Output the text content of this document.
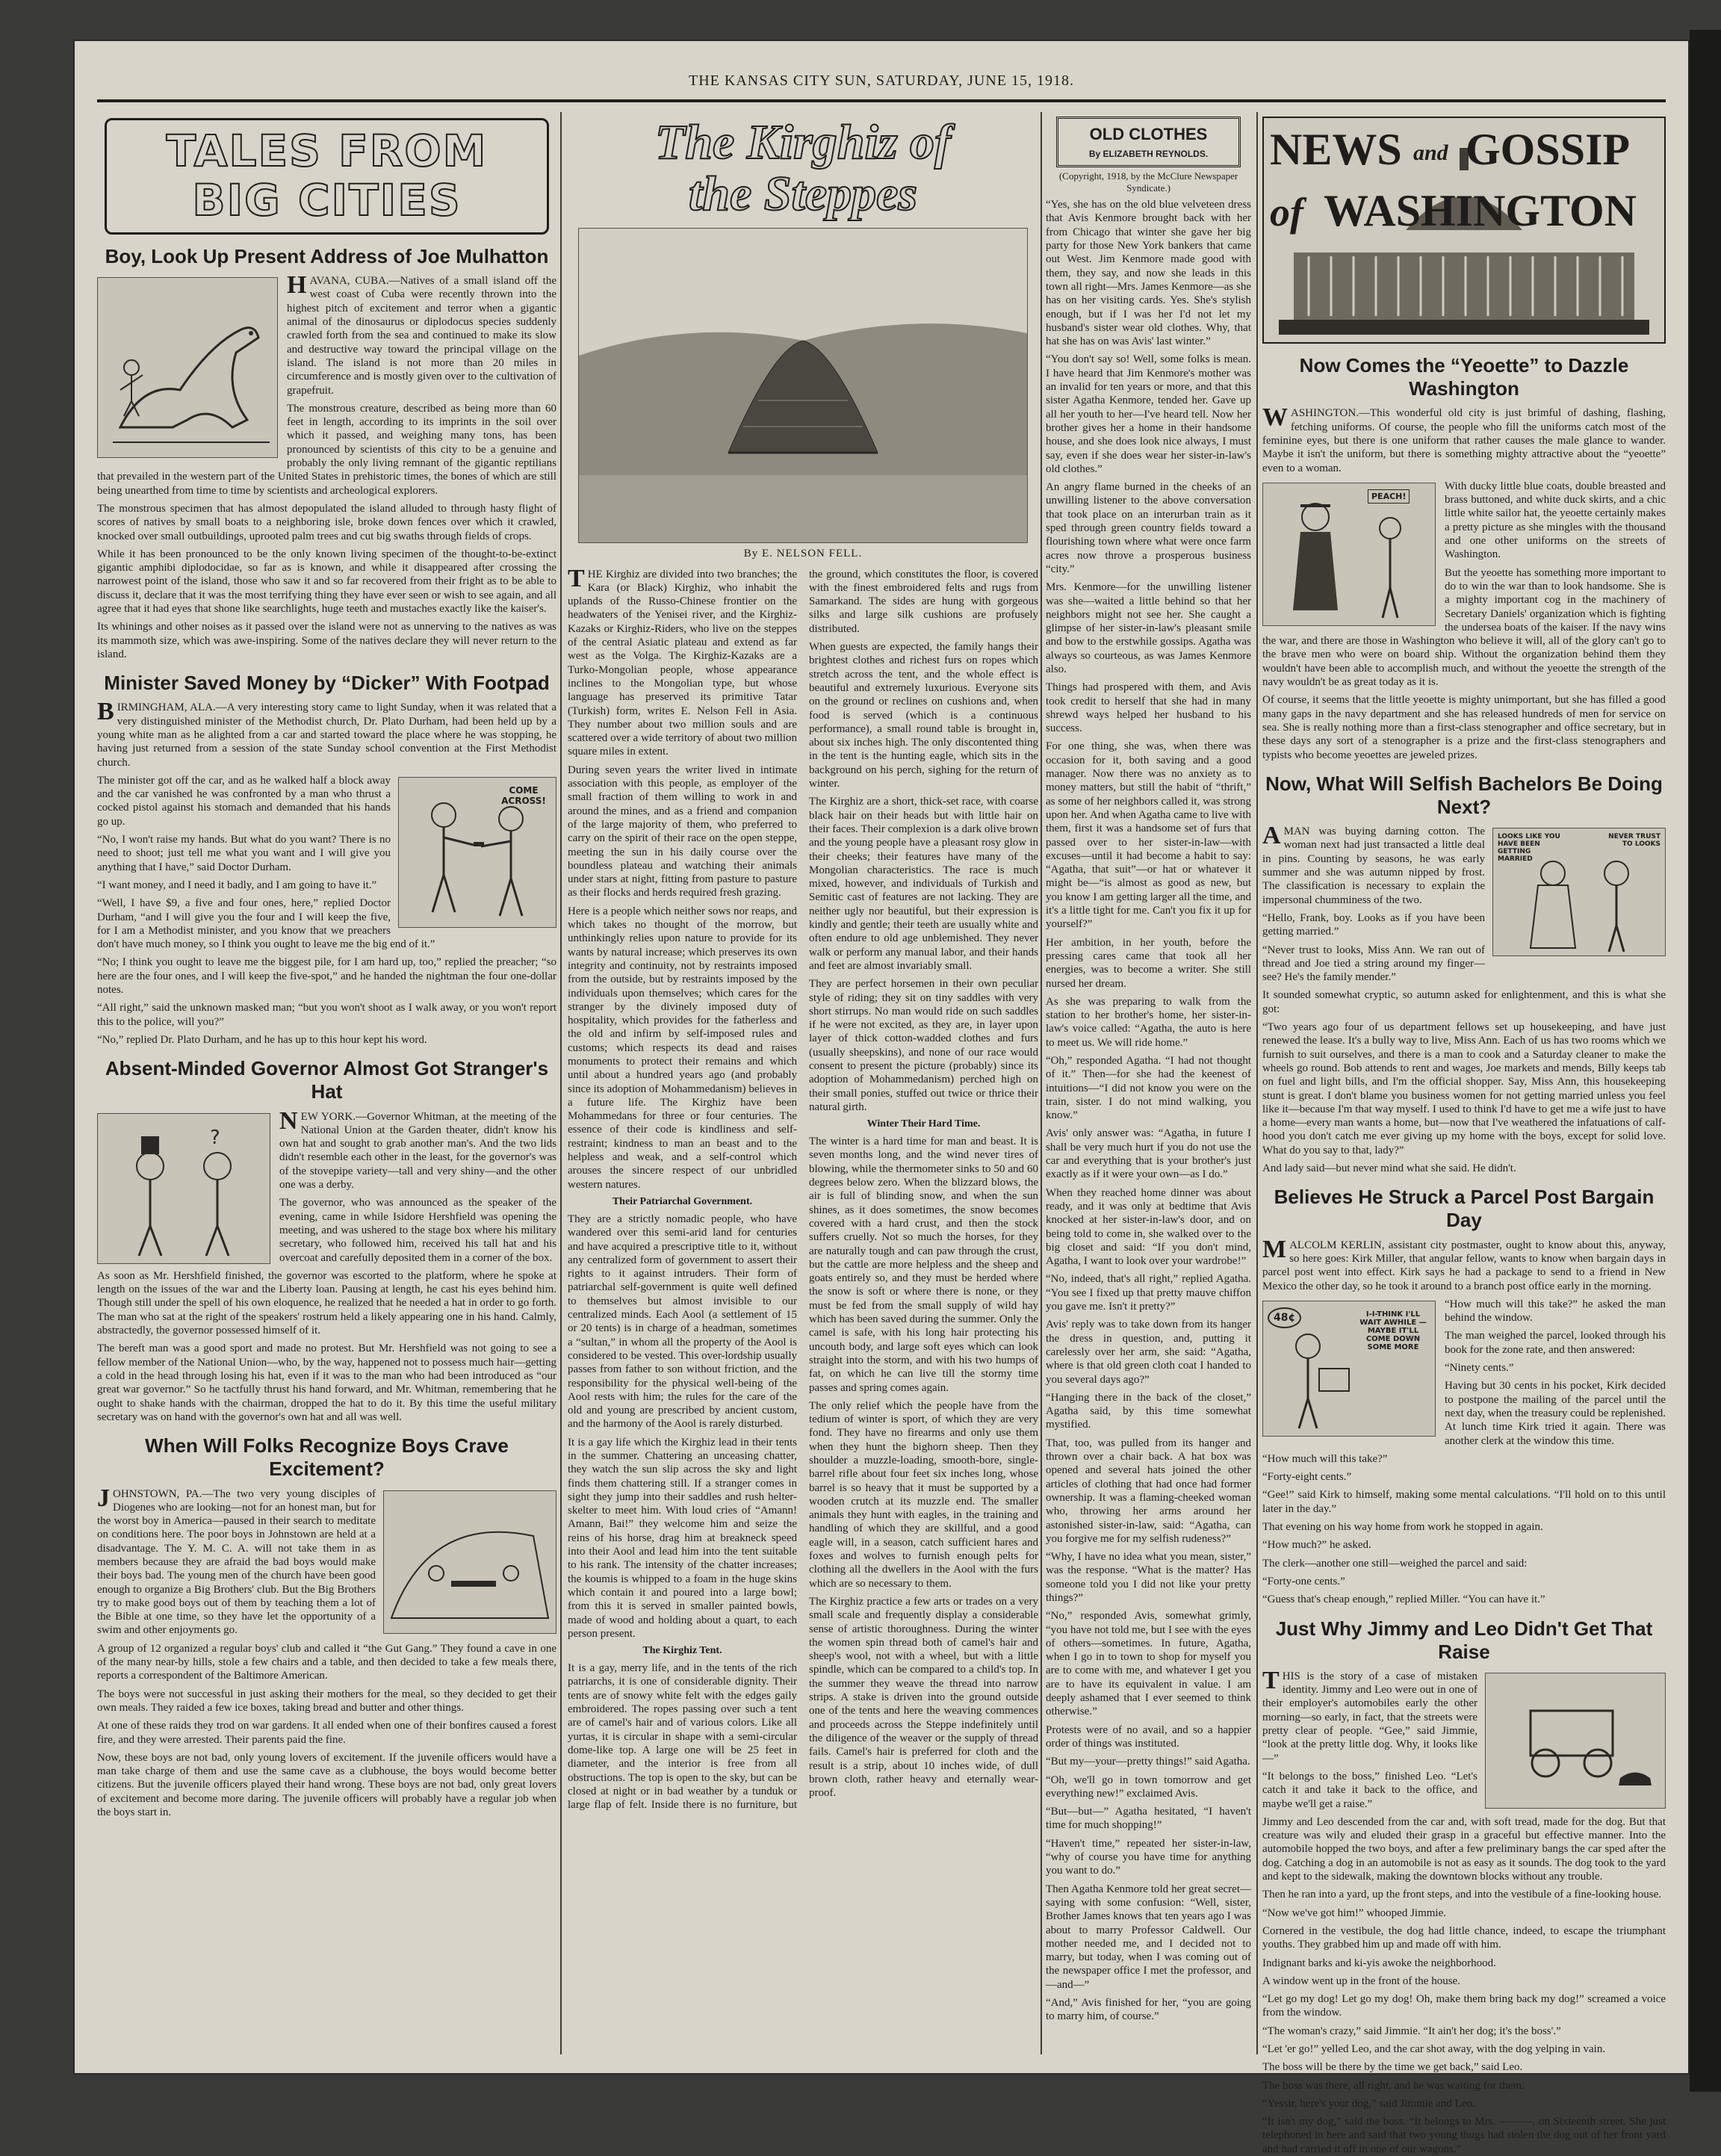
THE KANSAS CITY SUN, SATURDAY, JUNE 15, 1918.
TALES FROM
BIG CITIES
Boy, Look Up Present Address of Joe Mulhatton

HAVANA, CUBA.—Natives of a small island off the west coast of Cuba were recently thrown into the highest pitch of excitement and terror when a gigantic animal of the dinosaurus or diplodocus species suddenly crawled forth from the sea and continued to make its slow and destructive way toward the principal village on the island. The island is not more than 20 miles in circumference and is mostly given over to the cultivation of grapefruit.

The monstrous creature, described as being more than 60 feet in length, according to its imprints in the soil over which it passed, and weighing many tons, has been pronounced by scientists of this city to be a genuine and probably the only living remnant of the gigantic reptilians that prevailed in the western part of the United States in prehistoric times, the bones of which are still being unearthed from time to time by scientists and archeological explorers.

The monstrous specimen that has almost depopulated the island alluded to through hasty flight of scores of natives by small boats to a neighboring isle, broke down fences over which it crawled, knocked over small outbuildings, uprooted palm trees and cut big swaths through fields of crops.

While it has been pronounced to be the only known living specimen of the thought-to-be-extinct gigantic amphibi diplodocidae, so far as is known, and while it disappeared after crossing the narrowest point of the island, those who saw it and so far recovered from their fright as to be able to discuss it, declare that it was the most terrifying thing they have ever seen or wish to see again, and all agree that it had eyes that shone like searchlights, huge teeth and mustaches exactly like the kaiser's.

Its whinings and other noises as it passed over the island were not as unnerving to the natives as was its mammoth size, which was awe-inspiring. Some of the natives declare they will never return to the island.

Minister Saved Money by “Dicker” With Footpad

BIRMINGHAM, ALA.—A very interesting story came to light Sunday, when it was related that a very distinguished minister of the Methodist church, Dr. Plato Durham, had been held up by a young white man as he alighted from a car and started toward the place where he was stopping, he having just returned from a session of the state Sunday school convention at the First Methodist church.

COME ACROSS!

The minister got off the car, and as he walked half a block away and the car vanished he was confronted by a man who thrust a cocked pistol against his stomach and demanded that his hands go up.

“No, I won't raise my hands. But what do you want? There is no need to shoot; just tell me what you want and I will give you anything that I have,” said Doctor Durham.

“I want money, and I need it badly, and I am going to have it.”

“Well, I have $9, a five and four ones, here,” replied Doctor Durham, “and I will give you the four and I will keep the five, for I am a Methodist minister, and you know that we preachers don't have much money, so I think you ought to leave me the big end of it.”

“No; I think you ought to leave me the biggest pile, for I am hard up, too,” replied the preacher; “so here are the four ones, and I will keep the five-spot,” and he handed the nightman the four one-dollar notes.

“All right,” said the unknown masked man; “but you won't shoot as I walk away, or you won't report this to the police, will you?”

“No,” replied Dr. Plato Durham, and he has up to this hour kept his word.

Absent-Minded Governor Almost Got Stranger's Hat
?

NEW YORK.—Governor Whitman, at the meeting of the National Union at the Garden theater, didn't know his own hat and sought to grab another man's. And the two lids didn't resemble each other in the least, for the governor's was of the stovepipe variety—tall and very shiny—and the other one was a derby.

The governor, who was announced as the speaker of the evening, came in while Isidore Hershfield was opening the meeting, and was ushered to the stage box where his military secretary, who followed him, received his tall hat and his overcoat and carefully deposited them in a corner of the box.

As soon as Mr. Hershfield finished, the governor was escorted to the platform, where he spoke at length on the issues of the war and the Liberty loan. Pausing at length, he cast his eyes behind him. Though still under the spell of his own eloquence, he realized that he needed a hat in order to go forth. The man who sat at the right of the speakers' rostrum held a likely appearing one in his hand. Calmly, abstractedly, the governor possessed himself of it.

The bereft man was a good sport and made no protest. But Mr. Hershfield was not going to see a fellow member of the National Union—who, by the way, happened not to possess much hair—getting a cold in the head through losing his hat, even if it was to the man who had been introduced as “our great war governor.” So he tactfully thrust his hand forward, and Mr. Whitman, remembering that he ought to shake hands with the chairman, dropped the hat to do it. By this time the useful military secretary was on hand with the governor's own hat and all was well.

When Will Folks Recognize Boys Crave Excitement?

JOHNSTOWN, PA.—The two very young disciples of Diogenes who are looking—not for an honest man, but for the worst boy in America—paused in their search to meditate on conditions here. The poor boys in Johnstown are held at a disadvantage. The Y. M. C. A. will not take them in as members because they are afraid the bad boys would make their boys bad. The young men of the church have been good enough to organize a Big Brothers' club. But the Big Brothers try to make good boys out of them by teaching them a lot of the Bible at one time, so they have let the opportunity of a swim and other enjoyments go.

A group of 12 organized a regular boys' club and called it “the Gut Gang.” They found a cave in one of the many near-by hills, stole a few chairs and a table, and then decided to take a few meals there, reports a correspondent of the Baltimore American.

The boys were not successful in just asking their mothers for the meal, so they decided to get their own meals. They raided a few ice boxes, taking bread and butter and other things.

At one of these raids they trod on war gardens. It all ended when one of their bonfires caused a forest fire, and they were arrested. Their parents paid the fine.

Now, these boys are not bad, only young lovers of excitement. If the juvenile officers would have a man take charge of them and use the same cave as a clubhouse, the boys would become better citizens. But the juvenile officers played their hand wrong. These boys are not bad, only great lovers of excitement and become more daring. The juvenile officers will probably have a regular job when the boys start in.

The Kirghiz of
the Steppes
By E. NELSON FELL.

THE Kirghiz are divided into two branches; the Kara (or Black) Kirghiz, who inhabit the uplands of the Russo-Chinese frontier on the headwaters of the Yenisei river, and the Kirghiz-Kazaks or Kirghiz-Riders, who live on the steppes of the central Asiatic plateau and extend as far west as the Volga. The Kirghiz-Kazaks are a Turko-Mongolian people, whose appearance inclines to the Mongolian type, but whose language has preserved its primitive Tatar (Turkish) form, writes E. Nelson Fell in Asia. They number about two million souls and are scattered over a wide territory of about two million square miles in extent.

During seven years the writer lived in intimate association with this people, as employer of the small fraction of them willing to work in and around the mines, and as a friend and companion of the large majority of them, who preferred to carry on the spirit of their race on the open steppe, meeting the sun in his daily course over the boundless plateau and watching their animals under stars at night, fitting from pasture to pasture as their flocks and herds required fresh grazing.

Here is a people which neither sows nor reaps, and which takes no thought of the morrow, but unthinkingly relies upon nature to provide for its wants by natural increase; which preserves its own integrity and continuity, not by restraints imposed from the outside, but by restraints imposed by the individuals upon themselves; which cares for the stranger by the divinely imposed duty of hospitality, which provides for the fatherless and the old and infirm by self-imposed rules and customs; which respects its dead and raises monuments to protect their remains and which until about a hundred years ago (and probably since its adoption of Mohammedanism) believes in a future life. The Kirghiz have been Mohammedans for three or four centuries. The essence of their code is kindliness and self-restraint; kindness to man an beast and to the helpless and weak, and a self-control which arouses the sincere respect of our unbridled western natures.

Their Patriarchal Government.

They are a strictly nomadic people, who have wandered over this semi-arid land for centuries and have acquired a prescriptive title to it, without any centralized form of government to assert their rights to it against intruders. Their form of patriarchal self-government is quite well defined to themselves but almost invisible to our centralized minds. Each Aool (a settlement of 15 or 20 tents) is in charge of a headman, sometimes a “sultan,” in whom all the property of the Aool is considered to be vested. This over-lordship usually passes from father to son without friction, and the responsibility for the physical well-being of the Aool rests with him; the rules for the care of the old and young are prescribed by ancient custom, and the harmony of the Aool is rarely disturbed.

It is a gay life which the Kirghiz lead in their tents in the summer. Chattering an unceasing chatter, they watch the sun slip across the sky and light finds them chattering still. If a stranger comes in sight they jump into their saddles and rush helter-skelter to meet him. With loud cries of “Amann! Amann, Bai!” they welcome him and seize the reins of his horse, drag him at breakneck speed into their Aool and lead him into the tent suitable to his rank. The intensity of the chatter increases; the koumis is whipped to a foam in the huge skins which contain it and poured into a large bowl; from this it is served in smaller painted bowls, made of wood and holding about a quart, to each person present.

The Kirghiz Tent.

It is a gay, merry life, and in the tents of the rich patriarchs, it is one of considerable dignity. Their tents are of snowy white felt with the edges gaily embroidered. The ropes passing over such a tent are of camel's hair and of various colors. Like all yurtas, it is circular in shape with a semi-circular dome-like top. A large one will be 25 feet in diameter, and the interior is free from all obstructions. The top is open to the sky, but can be closed at night or in bad weather by a tunduk or large flap of felt. Inside there is no furniture, but the ground, which constitutes the floor, is covered with the finest embroidered felts and rugs from Samarkand. The sides are hung with gorgeous silks and large silk cushions are profusely distributed.

When guests are expected, the family hangs their brightest clothes and richest furs on ropes which stretch across the tent, and the whole effect is beautiful and extremely luxurious. Everyone sits on the ground or reclines on cushions and, when food is served (which is a continuous performance), a small round table is brought in, about six inches high. The only discontented thing in the tent is the hunting eagle, which sits in the background on his perch, sighing for the return of winter.

The Kirghiz are a short, thick-set race, with coarse black hair on their heads but with little hair on their faces. Their complexion is a dark olive brown and the young people have a pleasant rosy glow in their cheeks; their features have many of the Mongolian characteristics. The race is much mixed, however, and individuals of Turkish and Semitic cast of features are not lacking. They are neither ugly nor beautiful, but their expression is kindly and gentle; their teeth are usually white and often endure to old age unblemished. They never walk or perform any manual labor, and their hands and feet are almost invariably small.

They are perfect horsemen in their own peculiar style of riding; they sit on tiny saddles with very short stirrups. No man would ride on such saddles if he were not excited, as they are, in layer upon layer of thick cotton-wadded clothes and furs (usually sheepskins), and none of our race would consent to present the picture (probably) since its adoption of Mohammedanism) perched high on their small ponies, stuffed out twice or thrice their natural girth.

Winter Their Hard Time.

The winter is a hard time for man and beast. It is seven months long, and the wind never tires of blowing, while the thermometer sinks to 50 and 60 degrees below zero. When the blizzard blows, the air is full of blinding snow, and when the sun shines, as it does sometimes, the snow becomes covered with a hard crust, and then the stock suffers cruelly. Not so much the horses, for they are naturally tough and can paw through the crust, but the cattle are more helpless and the sheep and goats entirely so, and they must be herded where the snow is soft or where there is none, or they must be fed from the small supply of wild hay which has been saved during the summer. Only the camel is safe, with his long hair protecting his uncouth body, and large soft eyes which can look straight into the storm, and with his two humps of fat, on which he can live till the stormy time passes and spring comes again.

The only relief which the people have from the tedium of winter is sport, of which they are very fond. They have no firearms and only use them when they hunt the bighorn sheep. Then they shoulder a muzzle-loading, smooth-bore, single-barrel rifle about four feet six inches long, whose barrel is so heavy that it must be supported by a wooden crutch at its muzzle end. The smaller animals they hunt with eagles, in the training and handling of which they are skillful, and a good eagle will, in a season, catch sufficient hares and foxes and wolves to furnish enough pelts for clothing all the dwellers in the Aool with the furs which are so necessary to them.

The Kirghiz practice a few arts or trades on a very small scale and frequently display a considerable sense of artistic thoroughness. During the winter the women spin thread both of camel's hair and sheep's wool, not with a wheel, but with a little spindle, which can be compared to a child's top. In the summer they weave the thread into narrow strips. A stake is driven into the ground outside one of the tents and here the weaving commences and proceeds across the Steppe indefinitely until the diligence of the weaver or the supply of thread fails. Camel's hair is preferred for cloth and the result is a strip, about 10 inches wide, of dull brown cloth, rather heavy and eternally wear-proof.

OLD CLOTHES
By ELIZABETH REYNOLDS.
(Copyright, 1918, by the McClure Newspaper Syndicate.)

“Yes, she has on the old blue velveteen dress that Avis Kenmore brought back with her from Chicago that winter she gave her big party for those New York bankers that came out West. Jim Kenmore made good with them, they say, and now she leads in this town all right—Mrs. James Kenmore—as she has on her visiting cards. Yes. She's stylish enough, but if I was her I'd not let my husband's sister wear old clothes. Why, that hat she has on was Avis' last winter.”

“You don't say so! Well, some folks is mean. I have heard that Jim Kenmore's mother was an invalid for ten years or more, and that this sister Agatha Kenmore, tended her. Gave up all her youth to her—I've heard tell. Now her brother gives her a home in their handsome house, and she does look nice always, I must say, even if she does wear her sister-in-law's old clothes.”

An angry flame burned in the cheeks of an unwilling listener to the above conversation that took place on an interurban train as it sped through green country fields toward a flourishing town where what were once farm acres now throve a prosperous business “city.”

Mrs. Kenmore—for the unwilling listener was she—waited a little behind so that her neighbors might not see her. She caught a glimpse of her sister-in-law's pleasant smile and bow to the erstwhile gossips. Agatha was always so courteous, as was James Kenmore also.

Things had prospered with them, and Avis took credit to herself that she had in many shrewd ways helped her husband to his success.

For one thing, she was, when there was occasion for it, both saving and a good manager. Now there was no anxiety as to money matters, but still the habit of “thrift,” as some of her neighbors called it, was strong upon her. And when Agatha came to live with them, first it was a handsome set of furs that passed over to her sister-in-law—with excuses—until it had become a habit to say: “Agatha, that suit”—or hat or whatever it might be—“is almost as good as new, but you know I am getting larger all the time, and it's a little tight for me. Can't you fix it up for yourself?”

Her ambition, in her youth, before the pressing cares came that took all her energies, was to become a writer. She still nursed her dream.

As she was preparing to walk from the station to her brother's home, her sister-in-law's voice called: “Agatha, the auto is here to meet us. We will ride home.”

“Oh,” responded Agatha. “I had not thought of it.” Then—for she had the keenest of intuitions—“I did not know you were on the train, sister. I do not mind walking, you know.”

Avis' only answer was: “Agatha, in future I shall be very much hurt if you do not use the car and everything that is your brother's just exactly as if it were your own—as I do.”

When they reached home dinner was about ready, and it was only at bedtime that Avis knocked at her sister-in-law's door, and on being told to come in, she walked over to the big closet and said: “If you don't mind, Agatha, I want to look over your wardrobe!”

“No, indeed, that's all right,” replied Agatha. “You see I fixed up that pretty mauve chiffon you gave me. Isn't it pretty?”

Avis' reply was to take down from its hanger the dress in question, and, putting it carelessly over her arm, she said: “Agatha, where is that old green cloth coat I handed to you several days ago?”

“Hanging there in the back of the closet,” Agatha said, by this time somewhat mystified.

That, too, was pulled from its hanger and thrown over a chair back. A hat box was opened and several hats joined the other articles of clothing that had once had former ownership. It was a flaming-cheeked woman who, throwing her arms around her astonished sister-in-law, said: “Agatha, can you forgive me for my selfish rudeness?”

“Why, I have no idea what you mean, sister,” was the response. “What is the matter? Has someone told you I did not like your pretty things?”

“No,” responded Avis, somewhat grimly, “you have not told me, but I see with the eyes of others—sometimes. In future, Agatha, when I go in to town to shop for myself you are to come with me, and whatever I get you are to have its equivalent in value. I am deeply ashamed that I ever seemed to think otherwise.”

Protests were of no avail, and so a happier order of things was instituted.

“But my—your—pretty things!” said Agatha.

“Oh, we'll go in town tomorrow and get everything new!” exclaimed Avis.

“But—but—” Agatha hesitated, “I haven't time for much shopping!”

“Haven't time,” repeated her sister-in-law, “why of course you have time for anything you want to do.”

Then Agatha Kenmore told her great secret—saying with some confusion: “Well, sister, Brother James knows that ten years ago I was about to marry Professor Caldwell. Our mother needed me, and I decided not to marry, but today, when I was coming out of the newspaper office I met the professor, and—and—”

“And,” Avis finished for her, “you are going to marry him, of course.”

NEWS and GOSSIP
of WASHINGTON
Now Comes the “Yeoette” to Dazzle Washington

WASHINGTON.—This wonderful old city is just brimful of dashing, flashing, fetching uniforms. Of course, the people who fill the uniforms catch most of the feminine eyes, but there is one uniform that rather causes the male glance to wander. Maybe it isn't the uniform, but there is something mighty attractive about the “yeoette” even to a woman.

PEACH!

With ducky little blue coats, double breasted and brass buttoned, and white duck skirts, and a chic little white sailor hat, the yeoette certainly makes a pretty picture as she mingles with the thousand and one other uniforms on the streets of Washington.

But the yeoette has something more important to do to win the war than to look handsome. She is a mighty important cog in the machinery of Secretary Daniels' organization which is fighting the undersea boats of the kaiser. If the navy wins the war, and there are those in Washington who believe it will, all of the glory can't go to the brave men who were on board ship. Without the organization behind them they wouldn't have been able to accomplish much, and without the yeoette the strength of the navy wouldn't be as great today as it is.

Of course, it seems that the little yeoette is mighty unimportant, but she has filled a good many gaps in the navy department and she has released hundreds of men for service on sea. She is really nothing more than a first-class stenographer and office secretary, but in these days any sort of a stenographer is a prize and the first-class stenographers and typists who become yeoettes are jeweled prizes.

Now, What Will Selfish Bachelors Be Doing Next?
LOOKS LIKE YOU HAVE BEEN GETTING MARRIED
NEVER TRUST TO LOOKS

AMAN was buying darning cotton. The woman next had just transacted a little deal in pins. Counting by seasons, he was early summer and she was autumn nipped by frost. The classification is necessary to explain the impersonal chumminess of the two.

“Hello, Frank, boy. Looks as if you have been getting married.”

“Never trust to looks, Miss Ann. We ran out of thread and Joe tied a string around my finger—see? He's the family mender.”

It sounded somewhat cryptic, so autumn asked for enlightenment, and this is what she got:

“Two years ago four of us department fellows set up housekeeping, and have just renewed the lease. It's a bully way to live, Miss Ann. Each of us has two rooms which we furnish to suit ourselves, and there is a man to cook and a Saturday cleaner to make the wheels go round. Bob attends to rent and wages, Joe markets and mends, Billy keeps tab on fuel and light bills, and I'm the official shopper. Say, Miss Ann, this housekeeping stunt is great. I don't blame you business women for not getting married unless you feel like it—because I'm that way myself. I used to think I'd have to get me a wife just to have a home—every man wants a home, but—now that I've weathered the infatuations of calf-hood you don't catch me ever giving up my home with the boys, except for solid love. What do you say to that, lady?”

And lady said—but never mind what she said. He didn't.

Believes He Struck a Parcel Post Bargain Day

MALCOLM KERLIN, assistant city postmaster, ought to know about this, anyway, so here goes: Kirk Miller, that angular fellow, wants to know when bargain days in parcel post went into effect. Kirk says he had a package to send to a friend in New Mexico the other day, so he took it around to a branch post office early in the morning.

48¢	I-I-THINK I'LL WAIT AWHILE —MAYBE IT'LL COME DOWN SOME MORE

“How much will this take?” he asked the man behind the window.

The man weighed the parcel, looked through his book for the zone rate, and then answered:

“Ninety cents.”

Having but 30 cents in his pocket, Kirk decided to postpone the mailing of the parcel until the next day, when the treasury could be replenished. At lunch time Kirk tried it again. There was another clerk at the window this time.

“How much will this take?”

“Forty-eight cents.”

“Gee!” said Kirk to himself, making some mental calculations. “I'll hold on to this until later in the day.”

That evening on his way home from work he stopped in again.

“How much?” he asked.

The clerk—another one still—weighed the parcel and said:

“Forty-one cents.”

“Guess that's cheap enough,” replied Miller. “You can have it.”

Just Why Jimmy and Leo Didn't Get That Raise

THIS is the story of a case of mistaken identity. Jimmy and Leo were out in one of their employer's automobiles early the other morning—so early, in fact, that the streets were pretty clear of people. “Gee,” said Jimmie, “look at the pretty little dog. Why, it looks like—”

“It belongs to the boss,” finished Leo. “Let's catch it and take it back to the office, and maybe we'll get a raise.”

Jimmy and Leo descended from the car and, with soft tread, made for the dog. But that creature was wily and eluded their grasp in a graceful but effective manner. Into the automobile hopped the two boys, and after a few preliminary bangs the car sped after the dog. Catching a dog in an automobile is not as easy as it sounds. The dog took to the yard and kept to the sidewalk, making the downtown blocks without any trouble.

Then he ran into a yard, up the front steps, and into the vestibule of a fine-looking house.

“Now we've got him!” whooped Jimmie.

Cornered in the vestibule, the dog had little chance, indeed, to escape the triumphant youths. They grabbed him up and made off with him.

Indignant barks and ki-yis awoke the neighborhood.

A window went up in the front of the house.

“Let go my dog! Let go my dog! Oh, make them bring back my dog!” screamed a voice from the window.

“The woman's crazy,” said Jimmie. “It ain't her dog; it's the boss'.”

“Let 'er go!” yelled Leo, and the car shot away, with the dog yelping in vain.

The boss will be there by the time we get back,” said Leo.

The boss was there, all right, and he was waiting for them.

“Yessir, here's your dog,” said Jimmie and Leo.

“It isn't my dog,” said the boss. “It belongs to Mrs. ———, on Sixteenth street. She just telephoned in here and said that two young thugs had stolen the dog out of her front yard and had carried it off in one of our wagons.”
